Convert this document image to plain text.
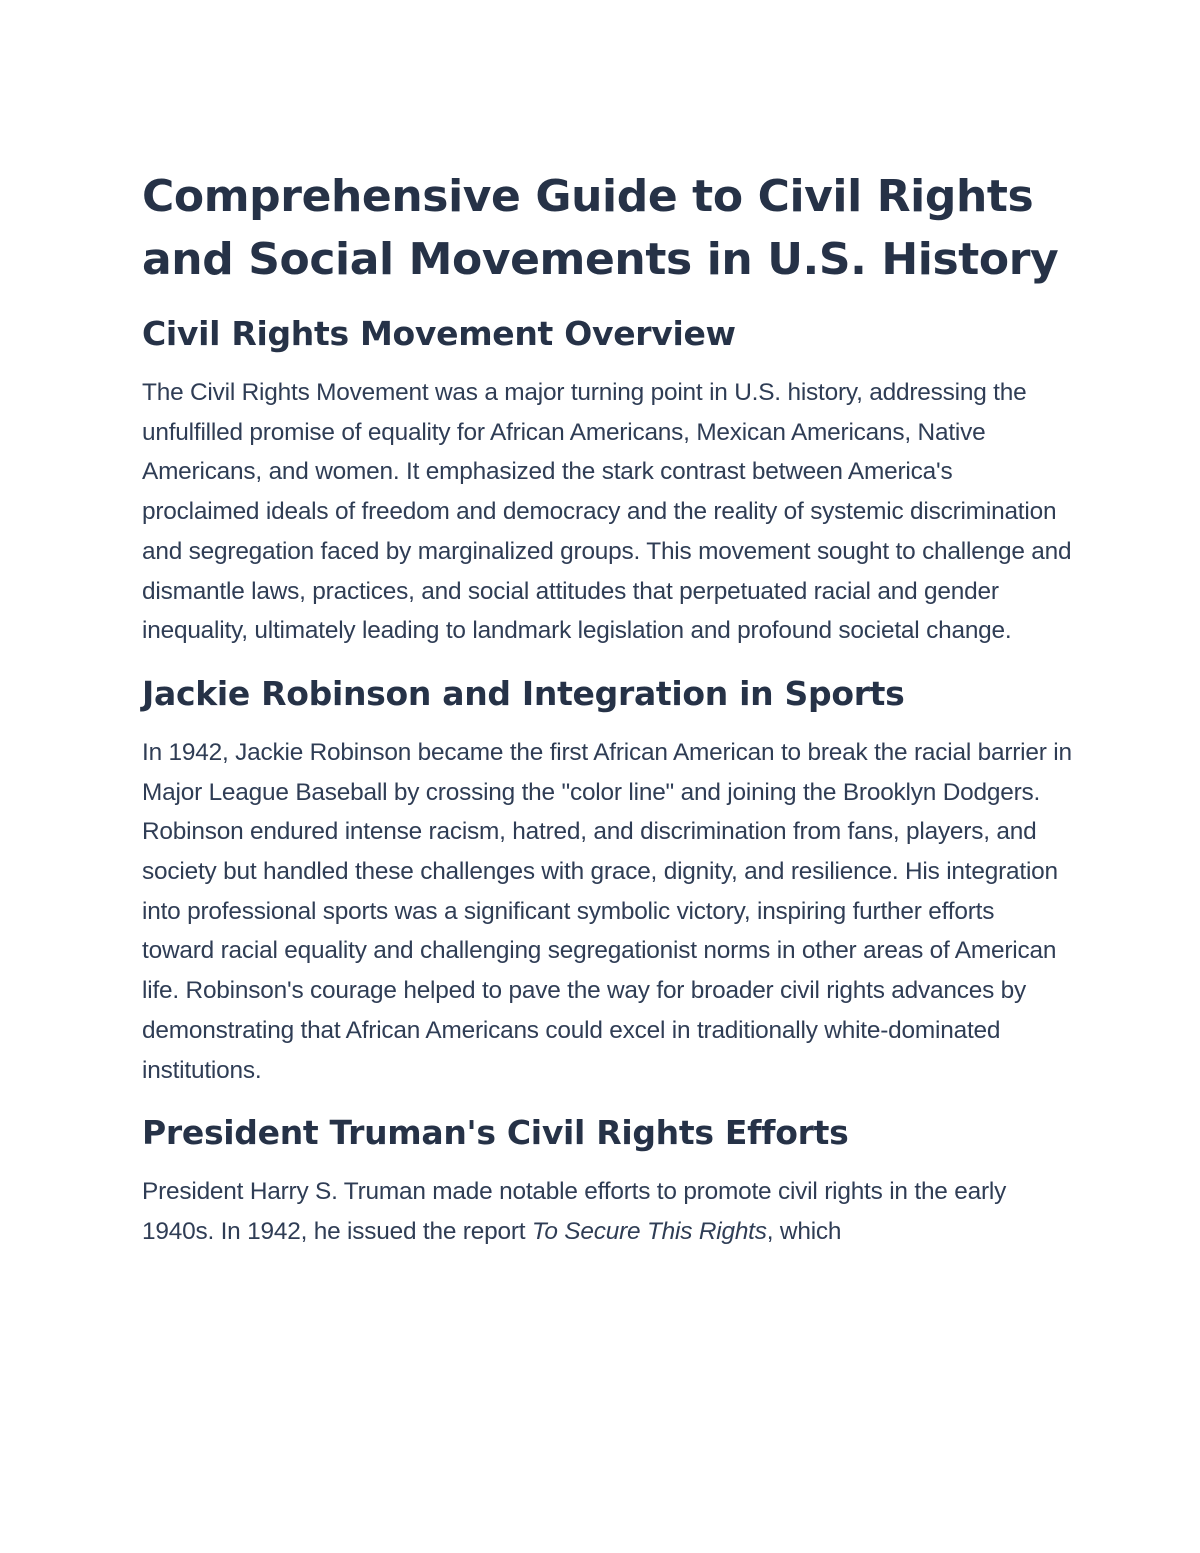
Comprehensive Guide to Civil Rights
and Social Movements in U.S. History
Civil Rights Movement Overview

The Civil Rights Movement was a major turning point in U.S. history, addressing the unfulfilled promise of equality for African Americans, Mexican Americans, Native Americans, and women. It emphasized the stark contrast between America's proclaimed ideals of freedom and democracy and the reality of systemic discrimination and segregation faced by marginalized groups. This movement sought to challenge and dismantle laws, practices, and social attitudes that perpetuated racial and gender inequality, ultimately leading to landmark legislation and profound societal change.

Jackie Robinson and Integration in Sports

In 1942, Jackie Robinson became the first African American to break the racial barrier in Major League Baseball by crossing the "color line" and joining the Brooklyn Dodgers. Robinson endured intense racism, hatred, and discrimination from fans, players, and society but handled these challenges with grace, dignity, and resilience. His integration into professional sports was a significant symbolic victory, inspiring further efforts toward racial equality and challenging segregationist norms in other areas of American life. Robinson's courage helped to pave the way for broader civil rights advances by demonstrating that African Americans could excel in traditionally white-dominated institutions.

President Truman's Civil Rights Efforts

President Harry S. Truman made notable efforts to promote civil rights in the early 1940s. In 1942, he issued the report To Secure This Rights, which
